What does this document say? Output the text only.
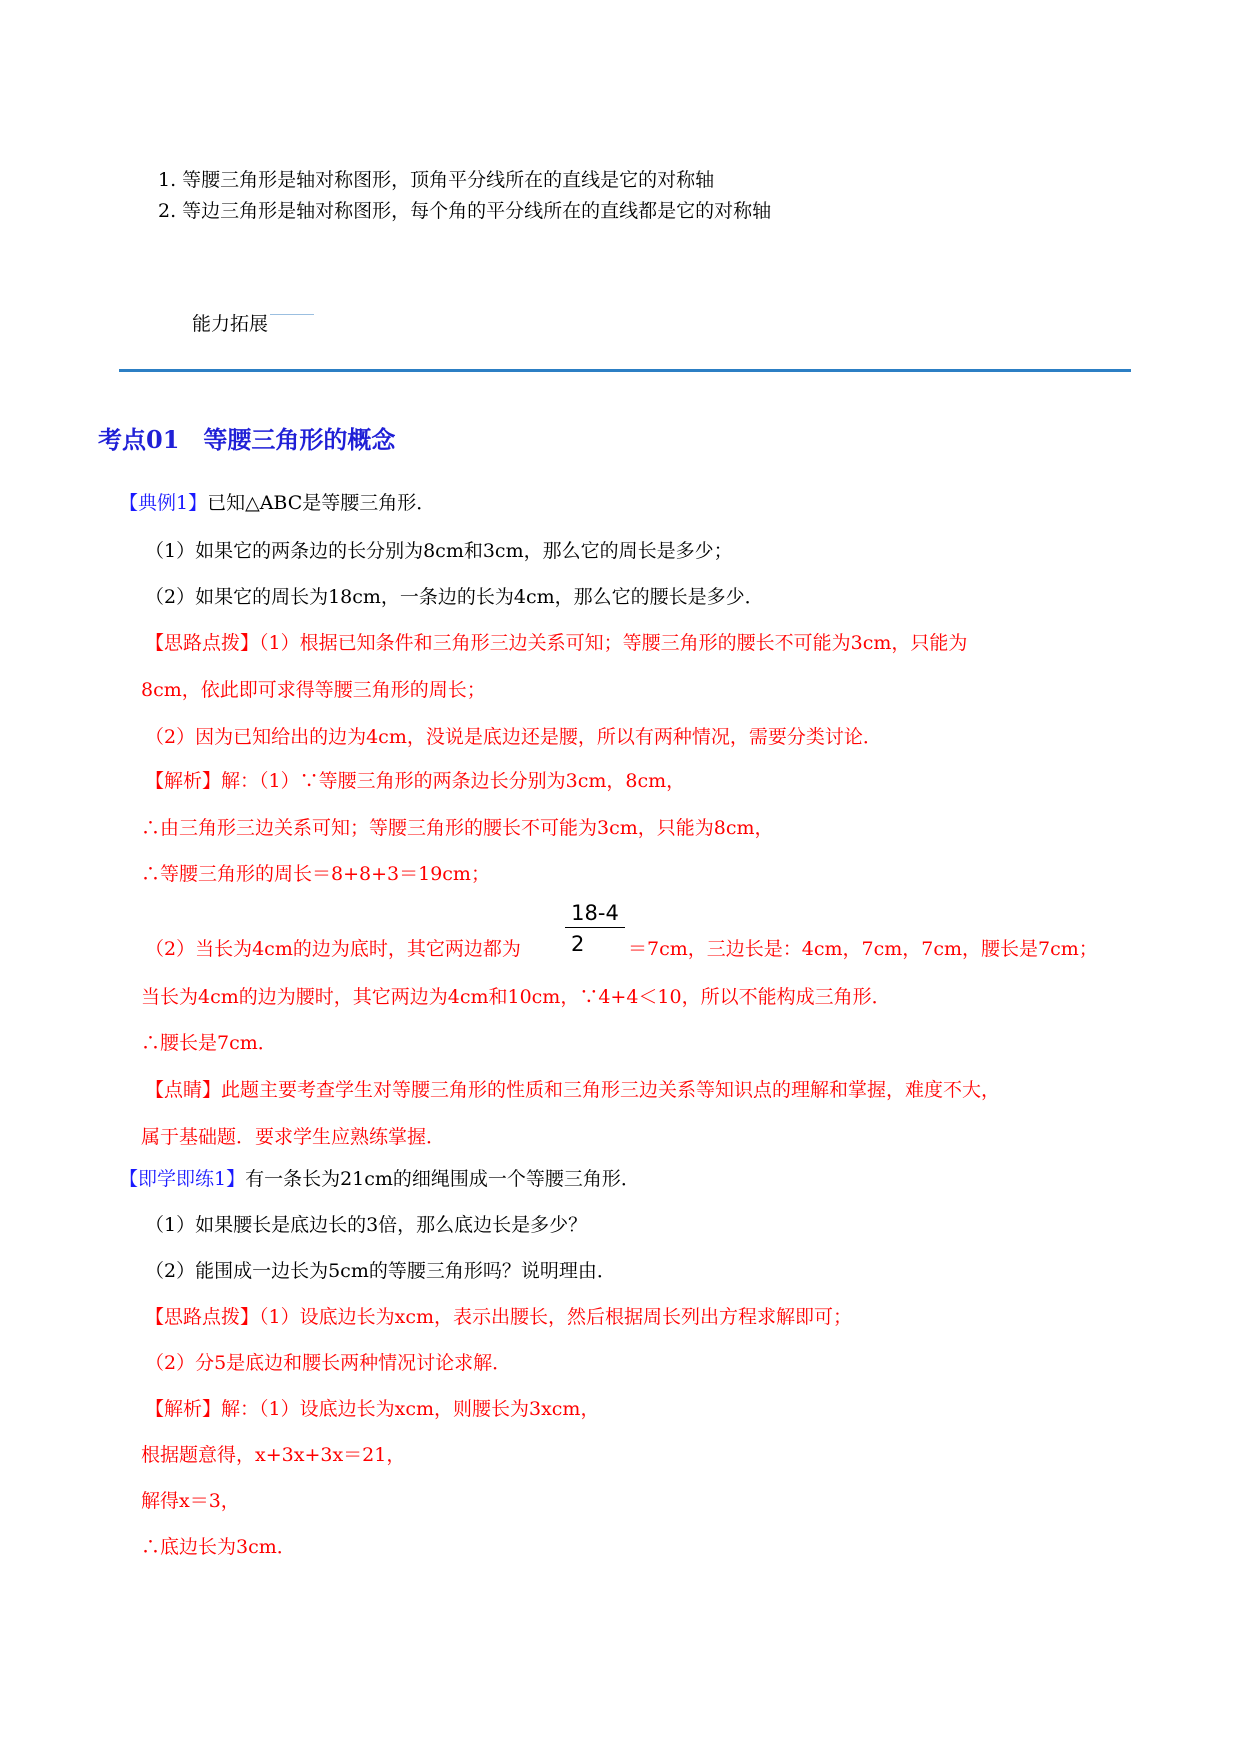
1. 等腰三角形是轴对称图形，顶角平分线所在的直线是它的对称轴
2. 等边三角形是轴对称图形，每个角的平分线所在的直线都是它的对称轴
能力拓展
考点01　等腰三角形的概念
【典例1】已知△ABC是等腰三角形．
（1）如果它的两条边的长分别为8cm和3cm，那么它的周长是多少；
（2）如果它的周长为18cm，一条边的长为4cm，那么它的腰长是多少．
【思路点拨】（1）根据已知条件和三角形三边关系可知；等腰三角形的腰长不可能为3cm，只能为
8cm，依此即可求得等腰三角形的周长；
（2）因为已知给出的边为4cm，没说是底边还是腰，所以有两种情况，需要分类讨论．
【解析】解：（1）∵等腰三角形的两条边长分别为3cm，8cm，
∴由三角形三边关系可知；等腰三角形的腰长不可能为3cm，只能为8cm，
∴等腰三角形的周长＝8+8+3＝19cm；
（2）当长为4cm的边为底时，其它两边都为 $\frac{18-4}{2} =7cm$，三边长是：4cm，7cm，7cm，腰长是7cm；
当长为4cm的边为腰时，其它两边为4cm和10cm，∵4+4＜10，所以不能构成三角形．
∴腰长是7cm．
【点睛】此题主要考查学生对等腰三角形的性质和三角形三边关系等知识点的理解和掌握，难度不大，
属于基础题．要求学生应熟练掌握．
【即学即练1】有一条长为21cm的细绳围成一个等腰三角形．
（1）如果腰长是底边长的3倍，那么底边长是多少？
（2）能围成一边长为5cm的等腰三角形吗？说明理由．
【思路点拨】（1）设底边长为xcm，表示出腰长，然后根据周长列出方程求解即可；
（2）分5是底边和腰长两种情况讨论求解．
【解析】解：（1）设底边长为xcm，则腰长为3xcm，
根据题意得，x+3x+3x＝21，
解得x＝3，
∴底边长为3cm．
